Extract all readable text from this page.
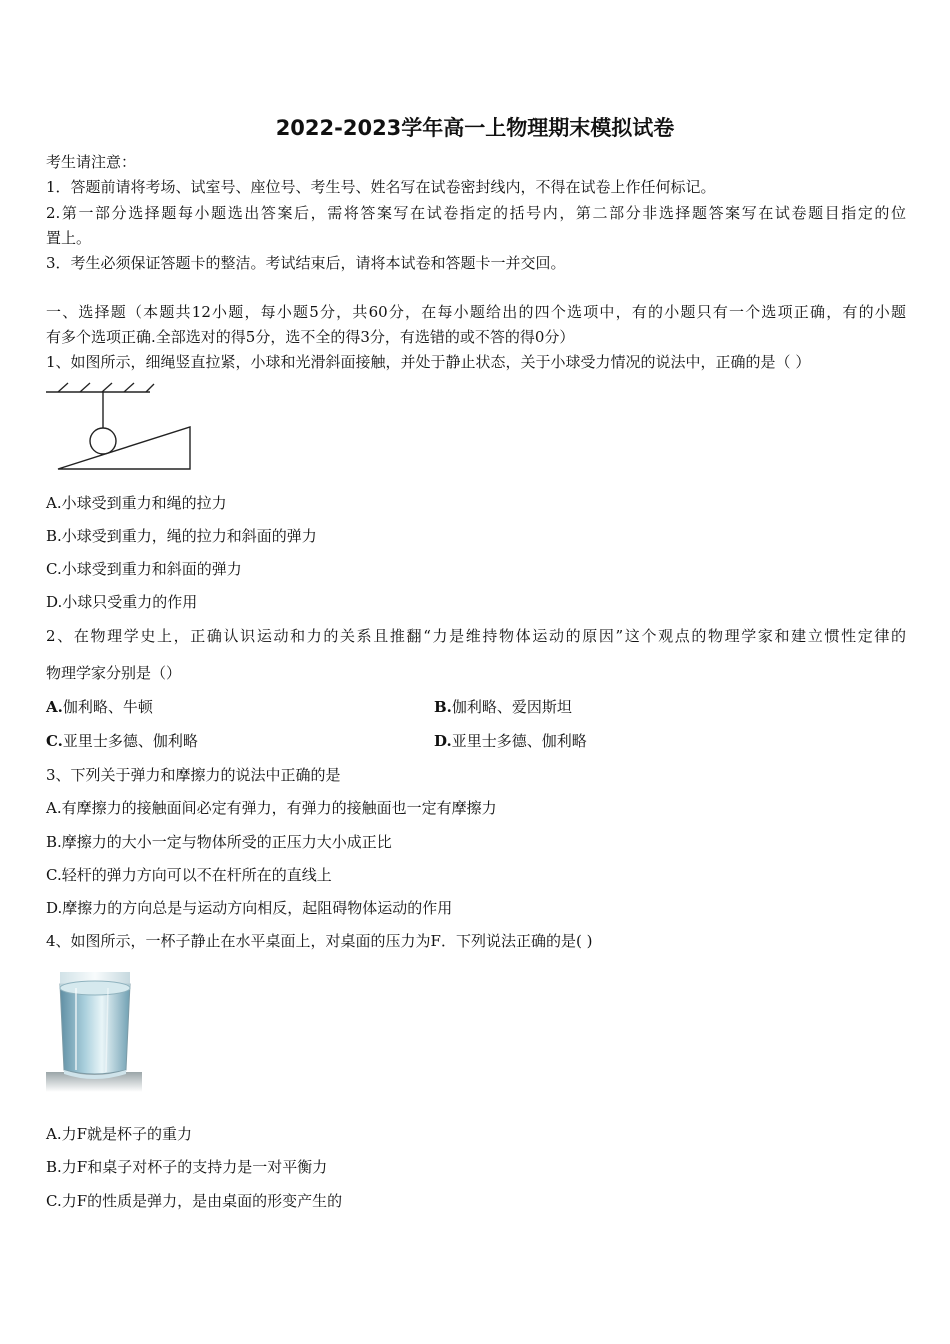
2022-2023学年高一上物理期末模拟试卷
考生请注意：
1．答题前请将考场、试室号、座位号、考生号、姓名写在试卷密封线内，不得在试卷上作任何标记。
2.第一部分选择题每小题选出答案后，需将答案写在试卷指定的括号内，第二部分非选择题答案写在试卷题目指定的位
置上。
3．考生必须保证答题卡的整洁。考试结束后，请将本试卷和答题卡一并交回。
一、选择题（本题共12小题，每小题5分，共60分，在每小题给出的四个选项中，有的小题只有一个选项正确，有的小题
有多个选项正确.全部选对的得5分，选不全的得3分，有选错的或不答的得0分）
1、如图所示，细绳竖直拉紧，小球和光滑斜面接触，并处于静止状态，关于小球受力情况的说法中，正确的是（ ）
A.小球受到重力和绳的拉力
B.小球受到重力，绳的拉力和斜面的弹力
C.小球受到重力和斜面的弹力
D.小球只受重力的作用
2、在物理学史上，正确认识运动和力的关系且推翻“力是维持物体运动的原因”这个观点的物理学家和建立惯性定律的
物理学家分别是（）
A.伽利略、牛顿	B.伽利略、爱因斯坦
C.亚里士多德、伽利略	D.亚里士多德、伽利略
3、下列关于弹力和摩擦力的说法中正确的是
A.有摩擦力的接触面间必定有弹力，有弹力的接触面也一定有摩擦力
B.摩擦力的大小一定与物体所受的正压力大小成正比
C.轻杆的弹力方向可以不在杆所在的直线上
D.摩擦力的方向总是与运动方向相反，起阻碍物体运动的作用
4、如图所示，一杯子静止在水平桌面上，对桌面的压力为F．下列说法正确的是( )
A.力F就是杯子的重力
B.力F和桌子对杯子的支持力是一对平衡力
C.力F的性质是弹力，是由桌面的形变产生的
